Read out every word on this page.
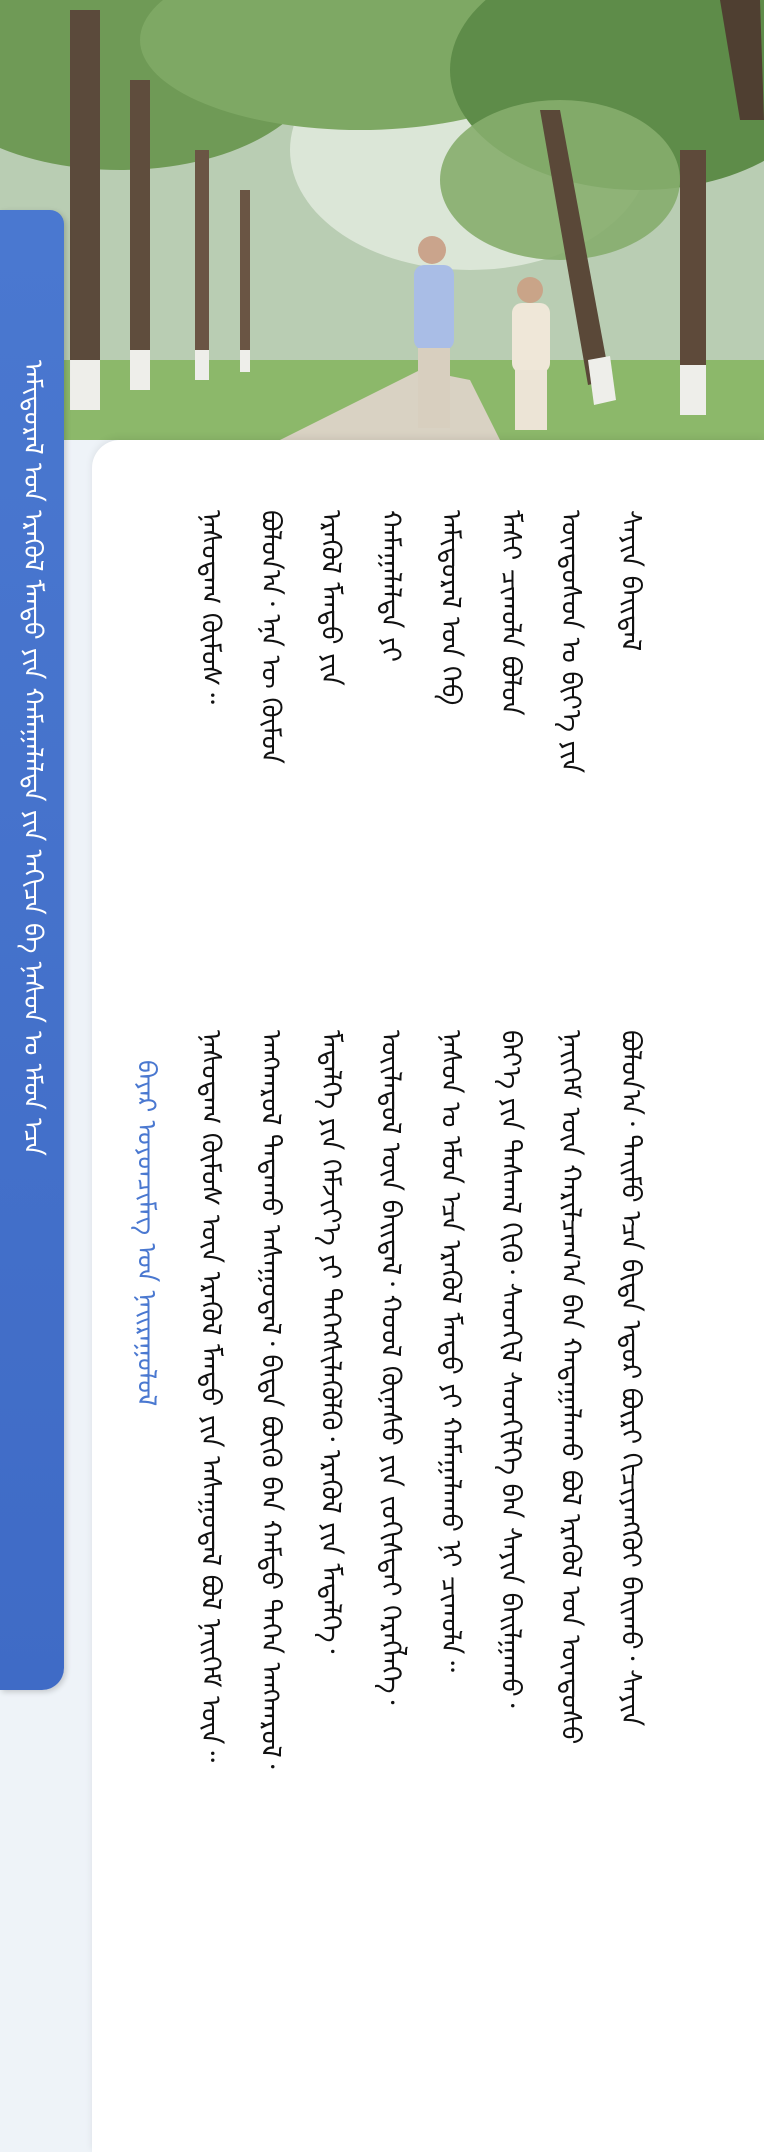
ᠠᠮᠢᠳᠤᠷᠠᠯ ᠤᠨ ᠡᠷᠡᠭᠦᠯ ᠮᠡᠨᠳᠦ ᠶᠢᠨ ᠬᠠᠮᠠᠭᠠᠯᠠᠯᠲᠠ ᠶᠢᠨ ᠠᠬᠢᠴᠠ ᠪᠠ ᠨᠠᠰᠤᠨ ᠤ ᠡᠮᠦᠨ ᠡᠴᠡ
ᠪᠠᠶᠠᠷ ᠣᠶᠤᠨᠴᠢᠮᠡᠭ ᠤᠨ ᠨᠠᠢᠷᠠᠭᠤᠯᠤᠯ
ᠨᠠᠰᠤᠳᠠᠭ ᠬᠦᠮᠦᠰ᠃	ᠪᠣᠯᠤᠨ᠎ᠠ᠂ ᠡᠨᠡ ᠦ ᠬᠦᠮᠦᠨ	ᠡᠷᠡᠭᠦᠯ ᠮᠡᠨᠳᠦ ᠶᠢᠨ	ᠬᠠᠮᠠᠭᠠᠯᠠᠯᠲᠠ ᠶᠢ	ᠠᠮᠢᠳᠤᠷᠠᠯ ᠤᠨ ᠬᠡᠪ	ᠮᠠᠰᠢ ᠴᠢᠬᠤᠯᠠ ᠪᠣᠯᠤᠨ	ᠦᠨᠳᠦᠰᠦᠨ ᠤ ᠪᠢᠶ᠎ᠡ ᠶᠢᠨ	ᠰᠠᠶᠢᠨ ᠪᠠᠢᠳᠠᠯ
ᠨᠠᠰᠤᠳᠠᠭ ᠬᠦᠮᠦᠰ ᠦᠨ ᠡᠷᠡᠭᠦᠯ ᠮᠡᠨᠳᠦ ᠶᠢᠨ ᠠᠰᠠᠭᠤᠳᠠᠯ ᠪᠣᠯ ᠨᠡᠢᠭᠡᠮ ᠦᠨ᠃	ᠠᠩᠬᠠᠷᠤᠯ ᠲᠠᠲᠠᠬᠤ ᠠᠰᠠᠭᠤᠳᠠᠯ᠂ ᠪᠢᠳᠡ ᠪᠦᠬᠦ ᠪᠠᠨ ᠬᠠᠮᠲᠤ ᠳᠡᠭᠡᠨ ᠠᠩᠬᠠᠷᠤᠯ᠂	ᠮᠡᠳᠡᠯᠭᠡ ᠶᠢᠨ ᠬᠡᠮᠵᠢᠶ᠎ᠡ ᠶᠢ ᠳᠡᠭᠡᠭᠰᠢᠯᠡᠭᠦᠯᠬᠦ᠂ ᠡᠷᠡᠭᠦᠯ ᠶᠢᠨ ᠮᠡᠳᠡᠯᠭᠡ᠂	ᠦᠢᠯᠡᠳᠦᠯ ᠦᠨ ᠪᠠᠢᠳᠠᠯ᠂ ᠬᠣᠣᠯ ᠬᠦᠨᠡᠰᠦ ᠶᠢᠨ ᠵᠣᠬᠢᠰᠲᠠᠢ ᠬᠡᠷᠡᠭᠯᠡᠭᠡ᠂	ᠨᠠᠰᠤᠨ ᠤ ᠡᠮᠦᠨ ᠡᠴᠡ ᠡᠷᠡᠭᠦᠯ ᠮᠡᠨᠳᠦ ᠶᠢ ᠬᠠᠮᠠᠭᠠᠯᠠᠬᠤ ᠨᠢ ᠴᠢᠬᠤᠯᠠ᠃	ᠪᠡᠶ᠎ᠡ ᠶᠢᠨ ᠳᠠᠰᠬᠠᠯ ᠬᠢᠬᠦ᠂ ᠰᠡᠳᠭᠢᠯ ᠰᠡᠳᠬᠢᠯᠭᠡ ᠪᠡᠨ ᠰᠠᠶᠢᠨ ᠪᠠᠢᠯᠭᠠᠬᠤ᠂	ᠨᠡᠢᠭᠡᠮ ᠦᠨ ᠬᠠᠷᠢᠯᠴᠠᠭ᠎ᠠ ᠪᠠᠨ ᠬᠠᠳᠠᠭᠠᠯᠠᠬᠤ ᠪᠣᠯ ᠡᠷᠡᠭᠦᠯ ᠤᠨ ᠦᠨᠳᠦᠰᠦ	ᠪᠣᠯᠤᠨ᠎ᠠ᠂ ᠲᠡᠢᠮᠦ ᠡᠴᠡ ᠪᠢᠳᠡ ᠡᠳᠦᠷ ᠪᠦᠷᠢ ᠬᠢᠴᠢᠶᠡᠩᠭᠦᠢ ᠪᠠᠢᠬᠤ᠂ ᠰᠠᠶᠢᠨ
